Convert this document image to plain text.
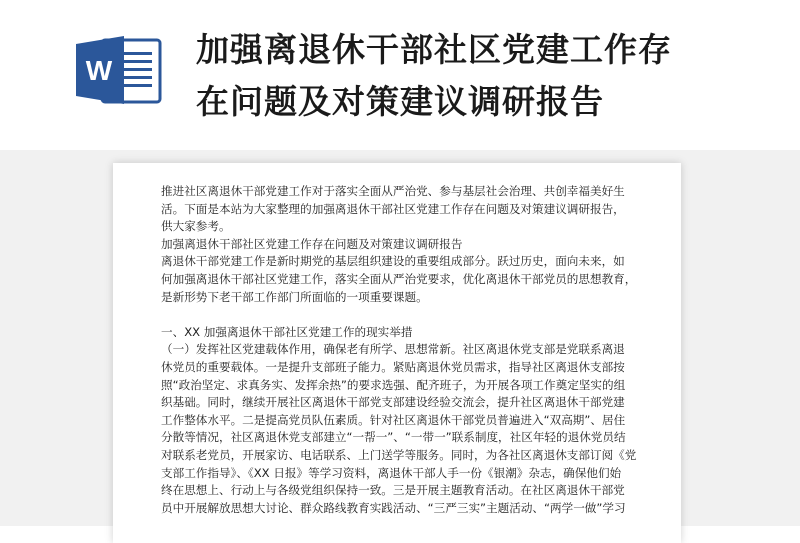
W
加强离退休干部社区党建工作存
在问题及对策建议调研报告

推进社区离退休干部党建工作对于落实全面从严治党、参与基层社会治理、共创幸福美好生

活。下面是本站为大家整理的加强离退休干部社区党建工作存在问题及对策建议调研报告，

供大家参考。

加强离退休干部社区党建工作存在问题及对策建议调研报告

离退休干部党建工作是新时期党的基层组织建设的重要组成部分。跃过历史，面向未来，如

何加强离退休干部社区党建工作，落实全面从严治党要求，优化离退休干部党员的思想教育，

是新形势下老干部工作部门所面临的一项重要课题。

一、XX 加强离退休干部社区党建工作的现实举措

（一）发挥社区党建载体作用，确保老有所学、思想常新。社区离退休党支部是党联系离退

休党员的重要载体。一是提升支部班子能力。紧贴离退休党员需求，指导社区离退休支部按

照“政治坚定、求真务实、发挥余热”的要求选强、配齐班子，为开展各项工作奠定坚实的组

织基础。同时，继续开展社区离退休干部党支部建设经验交流会，提升社区离退休干部党建

工作整体水平。二是提高党员队伍素质。针对社区离退休干部党员普遍进入“双高期”、居住

分散等情况，社区离退休党支部建立“一帮一”、“一带一”联系制度，社区年轻的退休党员结

对联系老党员，开展家访、电话联系、上门送学等服务。同时，为各社区离退休支部订阅《党

支部工作指导》、《XX 日报》等学习资料，离退休干部人手一份《银潮》杂志，确保他们始

终在思想上、行动上与各级党组织保持一致。三是开展主题教育活动。在社区离退休干部党

员中开展解放思想大讨论、群众路线教育实践活动、“三严三实”主题活动、“两学一做”学习
